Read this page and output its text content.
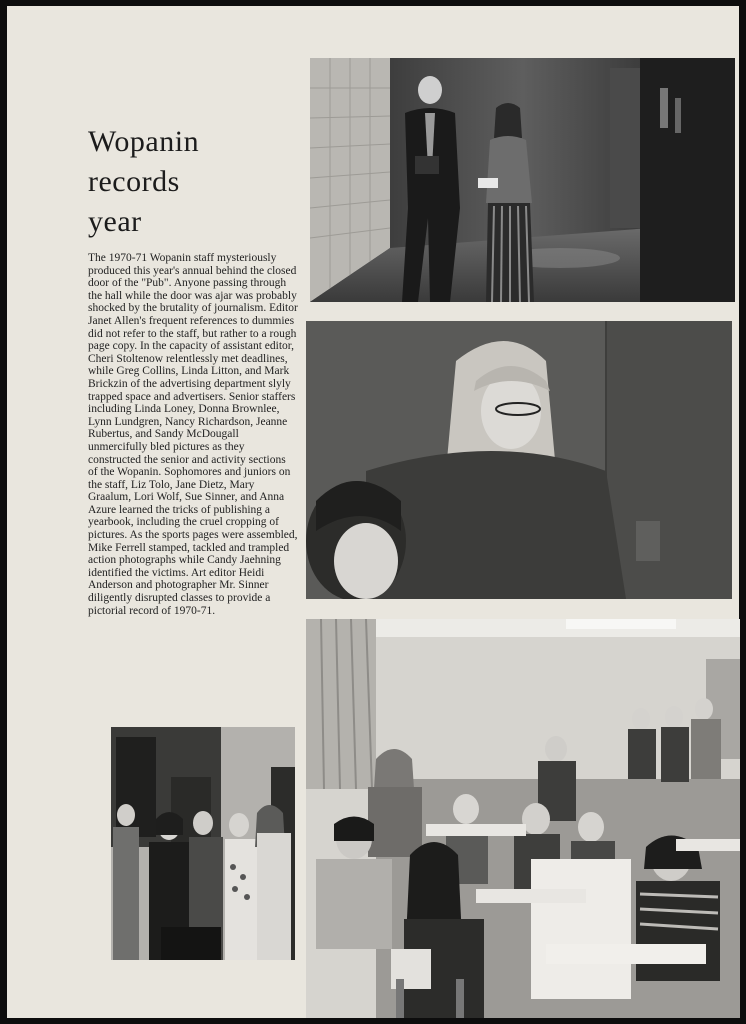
Wopanin
records
year

The 1970-71 Wopanin staff mysteriously produced this year's annual behind the closed door of the "Pub". Anyone passing through the hall while the door was ajar was probably shocked by the brutality of journalism. Editor Janet Allen's frequent references to dummies did not refer to the staff, but rather to a rough page copy. In the capacity of assistant editor, Cheri Stoltenow relentlessly met deadlines, while Greg Collins, Linda Litton, and Mark Brickzin of the advertising department slyly trapped space and advertisers. Senior staffers including Linda Loney, Donna Brownlee, Lynn Lundgren, Nancy Richardson, Jeanne Rubertus, and Sandy McDougall unmercifully bled pictures as they constructed the senior and activity sections of the Wopanin. Sophomores and juniors on the staff, Liz Tolo, Jane Dietz, Mary Graalum, Lori Wolf, Sue Sinner, and Anna Azure learned the tricks of publishing a yearbook, including the cruel cropping of pictures. As the sports pages were assembled, Mike Ferrell stamped, tackled and trampled action photographs while Candy Jaehning identified the victims. Art editor Heidi Anderson and photographer Mr. Sinner diligently disrupted classes to provide a pictorial record of 1970-71.
